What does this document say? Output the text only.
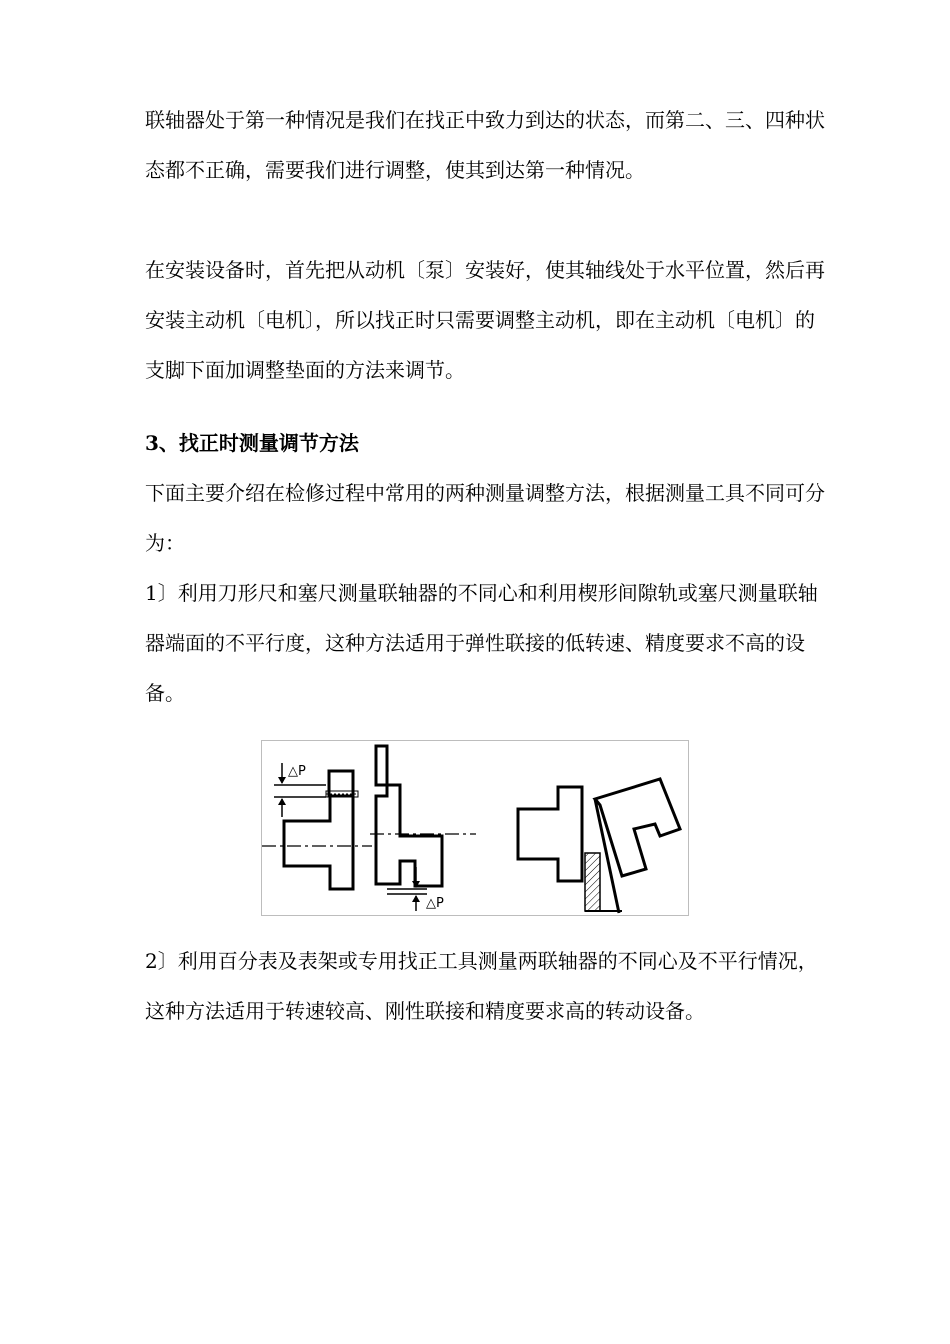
联轴器处于第一种情况是我们在找正中致力到达的状态，而第二、三、四种状态都不正确，需要我们进行调整，使其到达第一种情况。

在安装设备时，首先把从动机〔泵〕安装好，使其轴线处于水平位置，然后再安装主动机〔电机〕，所以找正时只需要调整主动机，即在主动机〔电机〕的支脚下面加调整垫面的方法来调节。

3、找正时测量调节方法

下面主要介绍在检修过程中常用的两种测量调整方法，根据测量工具不同可分为：

1〕利用刀形尺和塞尺测量联轴器的不同心和利用楔形间隙轨或塞尺测量联轴器端面的不平行度，这种方法适用于弹性联接的低转速、精度要求不高的设备。

△P
△P

2〕利用百分表及表架或专用找正工具测量两联轴器的不同心及不平行情况，这种方法适用于转速较高、刚性联接和精度要求高的转动设备。
